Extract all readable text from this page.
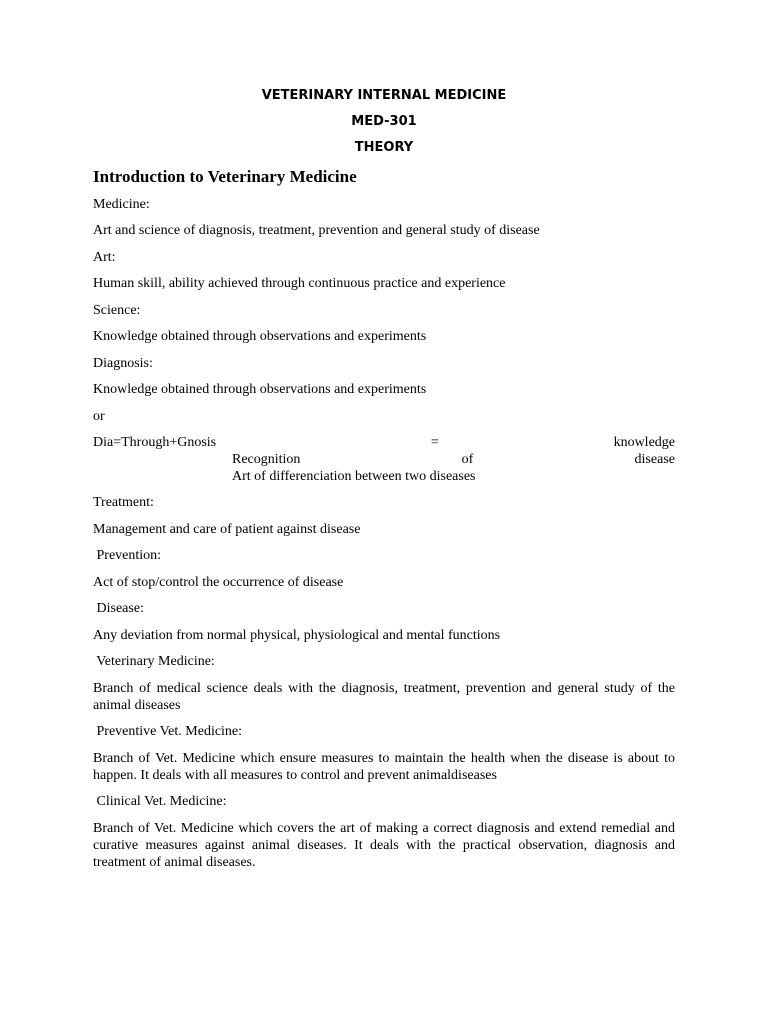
VETERINARY INTERNAL MEDICINE

MED-301

THEORY

Introduction to Veterinary Medicine

Medicine:

Art and science of diagnosis, treatment, prevention and general study of disease

Art:

Human skill, ability achieved through continuous practice and experience

Science:

Knowledge obtained through observations and experiments

Diagnosis:

Knowledge obtained through observations and experiments

or

Dia=Through+Gnosis	=	knowledge
Recognition	of	disease

Art of differenciation between two diseases

Treatment:

Management and care of patient against disease

Prevention:

Act of stop/control the occurrence of disease

Disease:

Any deviation from normal physical, physiological and mental functions

Veterinary Medicine:

Branch of medical science deals with the diagnosis, treatment, prevention and general study of the animal diseases

Preventive Vet. Medicine:

Branch of Vet. Medicine which ensure measures to maintain the health when the disease is about to happen. It deals with all measures to control and prevent animaldiseases

Clinical Vet. Medicine:

Branch of Vet. Medicine which covers the art of making a correct diagnosis and extend remedial and curative measures against animal diseases. It deals with the practical observation, diagnosis and treatment of animal diseases.
